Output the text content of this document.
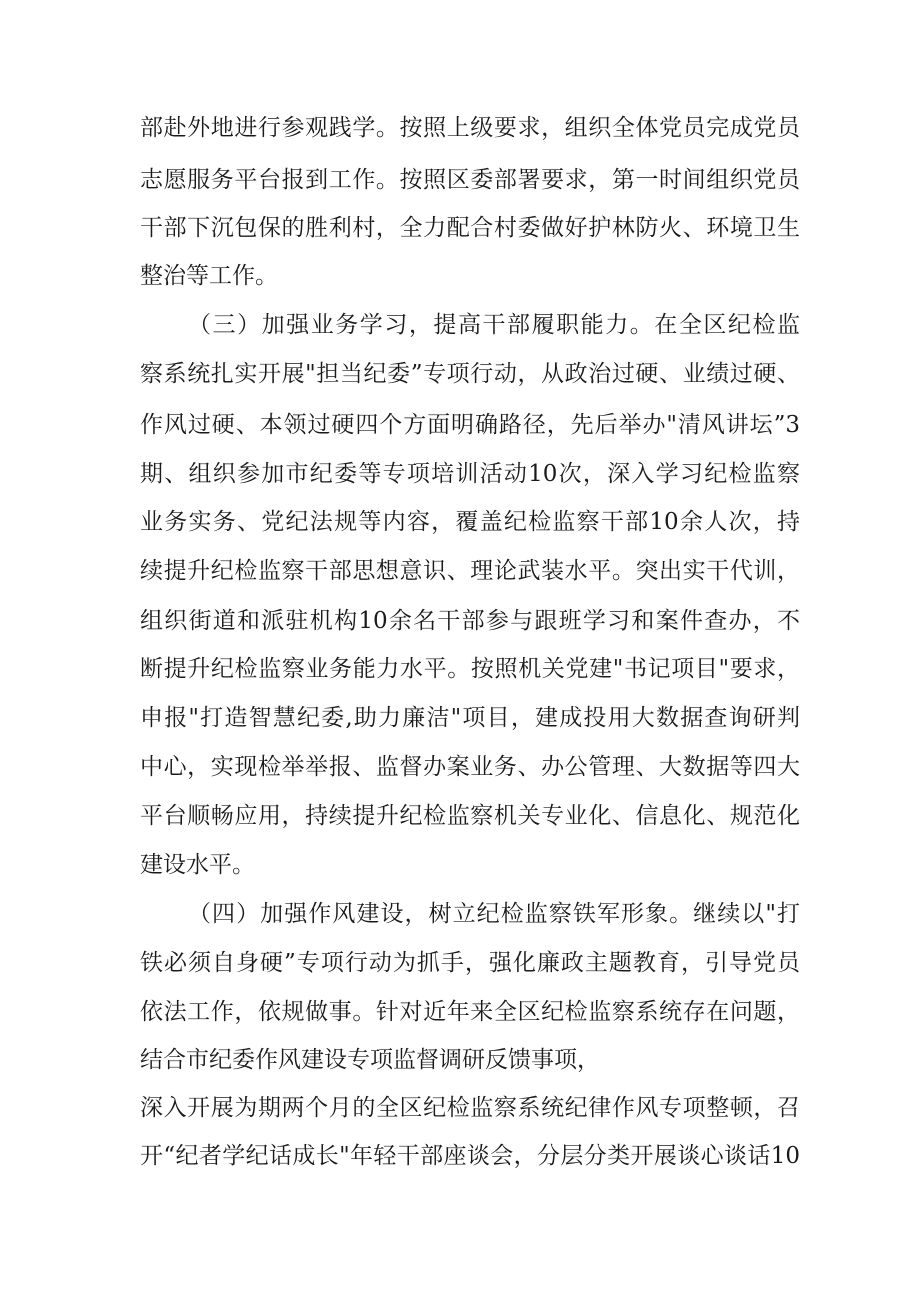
部赴外地进行参观践学。按照上级要求，组织全体党员完成党员
志愿服务平台报到工作。按照区委部署要求，第一时间组织党员
干部下沉包保的胜利村，全力配合村委做好护林防火、环境卫生
整治等工作。
（三）加强业务学习，提高干部履职能力。在全区纪检监
察系统扎实开展"担当纪委”专项行动，从政治过硬、业绩过硬、
作风过硬、本领过硬四个方面明确路径，先后举办"清风讲坛”3
期、组织参加市纪委等专项培训活动10次，深入学习纪检监察
业务实务、党纪法规等内容，覆盖纪检监察干部10余人次，持
续提升纪检监察干部思想意识、理论武装水平。突出实干代训，
组织街道和派驻机构10余名干部参与跟班学习和案件查办，不
断提升纪检监察业务能力水平。按照机关党建"书记项目"要求，
申报"打造智慧纪委,助力廉洁"项目，建成投用大数据查询研判
中心，实现检举举报、监督办案业务、办公管理、大数据等四大
平台顺畅应用，持续提升纪检监察机关专业化、信息化、规范化
建设水平。
（四）加强作风建设，树立纪检监察铁军形象。继续以"打
铁必须自身硬”专项行动为抓手，强化廉政主题教育，引导党员
依法工作，依规做事。针对近年来全区纪检监察系统存在问题，
结合市纪委作风建设专项监督调研反馈事项，
深入开展为期两个月的全区纪检监察系统纪律作风专项整顿，召
开“纪者学纪话成长"年轻干部座谈会，分层分类开展谈心谈话10
